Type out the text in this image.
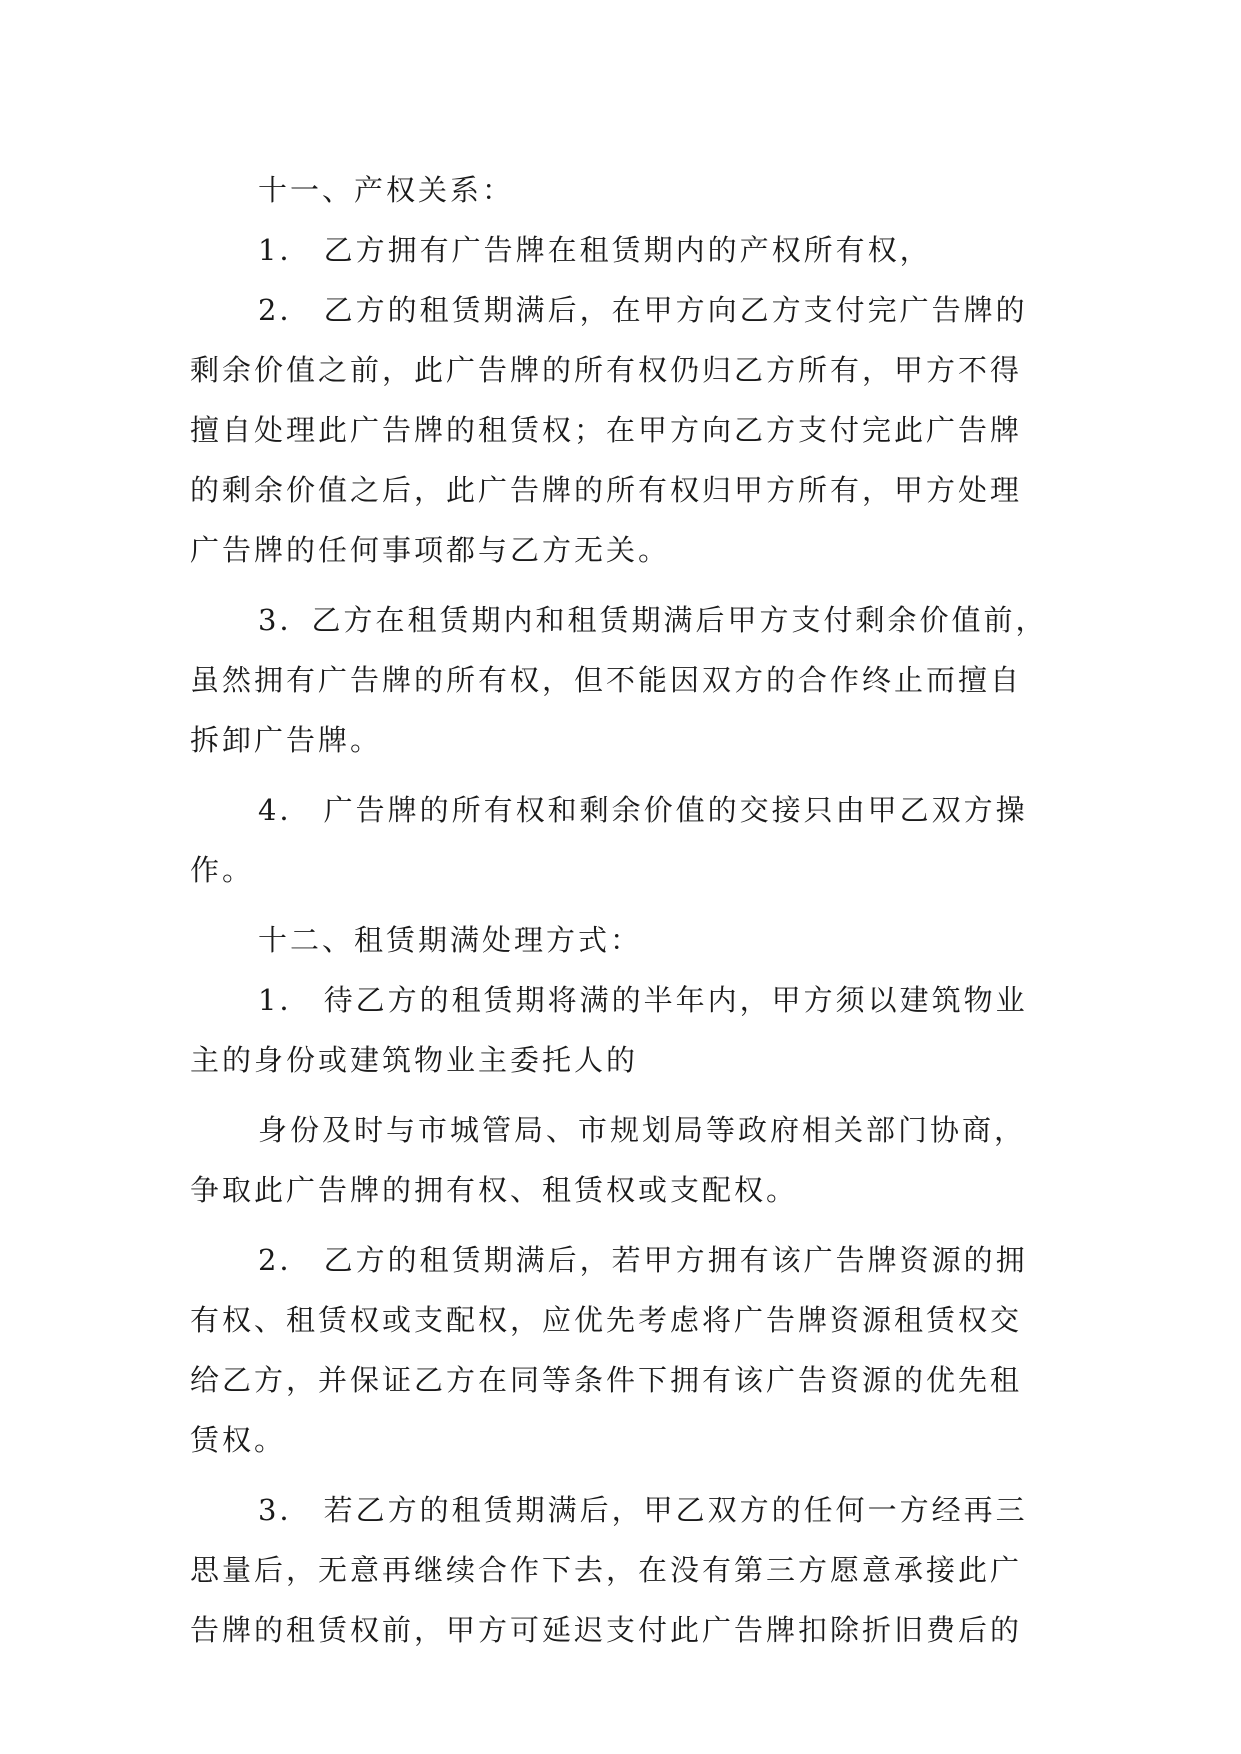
十一、产权关系：
1． 乙方拥有广告牌在租赁期内的产权所有权，
2． 乙方的租赁期满后，在甲方向乙方支付完广告牌的
剩余价值之前，此广告牌的所有权仍归乙方所有，甲方不得
擅自处理此广告牌的租赁权；在甲方向乙方支付完此广告牌
的剩余价值之后，此广告牌的所有权归甲方所有，甲方处理
广告牌的任何事项都与乙方无关。
3．乙方在租赁期内和租赁期满后甲方支付剩余价值前，
虽然拥有广告牌的所有权，但不能因双方的合作终止而擅自
拆卸广告牌。
4． 广告牌的所有权和剩余价值的交接只由甲乙双方操
作。
十二、租赁期满处理方式：
1． 待乙方的租赁期将满的半年内，甲方须以建筑物业
主的身份或建筑物业主委托人的
身份及时与市城管局、市规划局等政府相关部门协商，
争取此广告牌的拥有权、租赁权或支配权。
2． 乙方的租赁期满后，若甲方拥有该广告牌资源的拥
有权、租赁权或支配权，应优先考虑将广告牌资源租赁权交
给乙方，并保证乙方在同等条件下拥有该广告资源的优先租
赁权。
3． 若乙方的租赁期满后，甲乙双方的任何一方经再三
思量后，无意再继续合作下去，在没有第三方愿意承接此广
告牌的租赁权前，甲方可延迟支付此广告牌扣除折旧费后的
